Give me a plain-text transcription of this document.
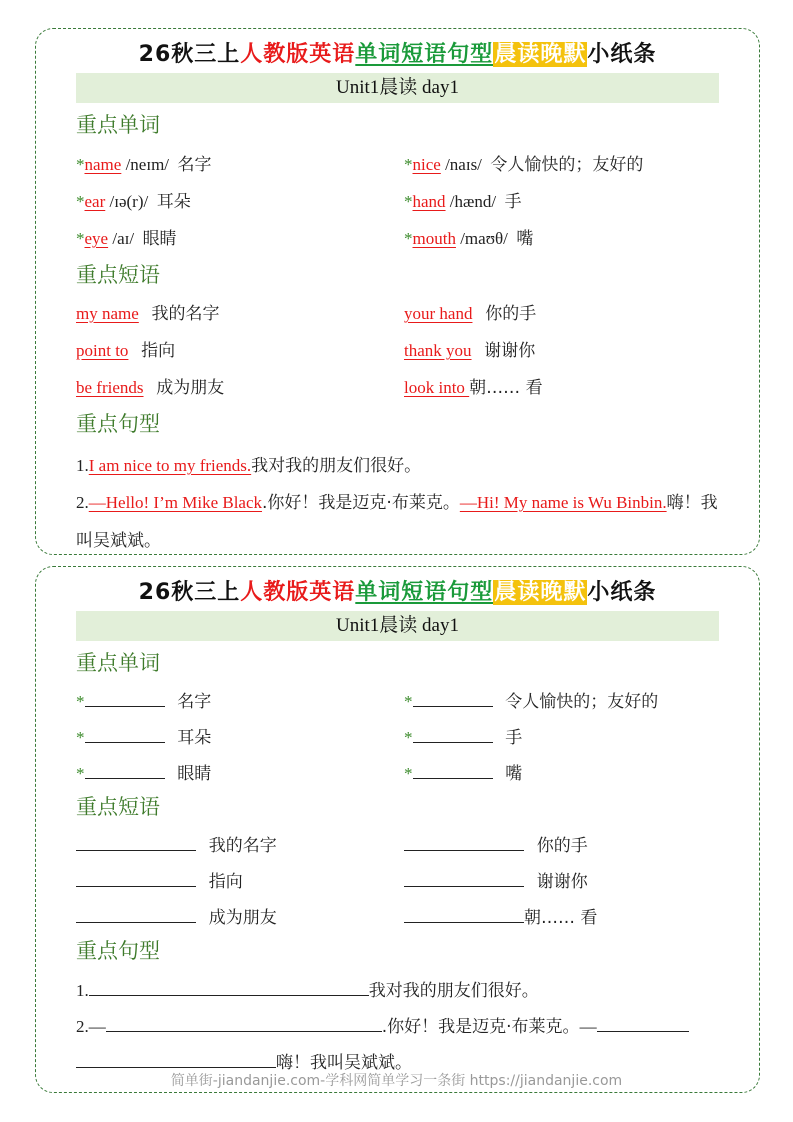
26秋三上人教版英语单词短语句型晨读晚默小纸条
Unit1晨读 day1
重点单词
*name /neɪm/ 名字	*nice /naɪs/ 令人愉快的；友好的
*ear /ɪə(r)/ 耳朵	*hand /hænd/ 手
*eye /aɪ/ 眼睛	*mouth /maʊθ/ 嘴
重点短语
my name 我的名字	your hand 你的手
point to 指向	thank you 谢谢你
be friends 成为朋友	look into 朝…… 看
重点句型
1.I am nice to my friends.我对我的朋友们很好。
2.—Hello! I’m Mike Black.你好！我是迈克·布莱克。—Hi! My name is Wu Binbin.嗨！我叫吴斌斌。
26秋三上人教版英语单词短语句型晨读晚默小纸条
Unit1晨读 day1
重点单词
*	名字	*	令人愉快的；友好的
*	耳朵	*	手
*	眼睛	*	嘴
重点短语
我的名字	你的手
指向	谢谢你
成为朋友	朝…… 看
重点句型
1.	我对我的朋友们很好。
2.—	.你好！我是迈克·布莱克。—
嗨！我叫吴斌斌。
简单街-jiandanjie.com-学科网简单学习一条街 https://jiandanjie.com
